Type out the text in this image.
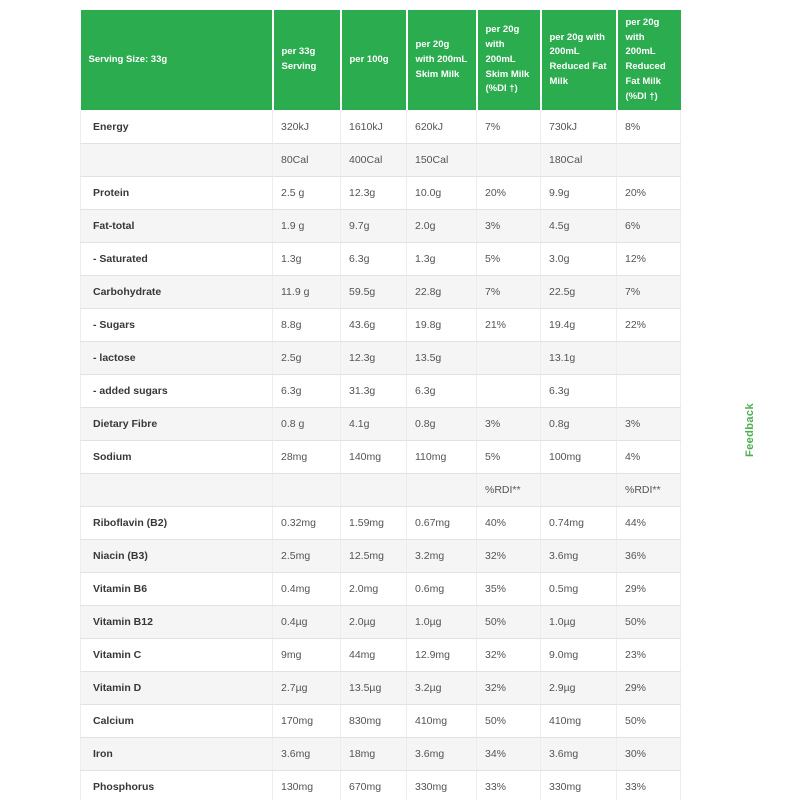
Serving Size: 33g	per 33g Serving	per 100g	per 20g with 200mL Skim Milk	per 20g with 200mL Skim Milk (%DI †)	per 20g with 200mL Reduced Fat Milk	per 20g with 200mL Reduced Fat Milk (%DI †)
Energy	320kJ	1610kJ	620kJ	7%	730kJ	8%
	80Cal	400Cal	150Cal		180Cal	
Protein	2.5 g	12.3g	10.0g	20%	9.9g	20%
Fat-total	1.9 g	9.7g	2.0g	3%	4.5g	6%
- Saturated	1.3g	6.3g	1.3g	5%	3.0g	12%
Carbohydrate	11.9 g	59.5g	22.8g	7%	22.5g	7%
- Sugars	8.8g	43.6g	19.8g	21%	19.4g	22%
- lactose	2.5g	12.3g	13.5g		13.1g	
- added sugars	6.3g	31.3g	6.3g		6.3g	
Dietary Fibre	0.8 g	4.1g	0.8g	3%	0.8g	3%
Sodium	28mg	140mg	110mg	5%	100mg	4%
				%RDI**		%RDI**
Riboflavin (B2)	0.32mg	1.59mg	0.67mg	40%	0.74mg	44%
Niacin (B3)	2.5mg	12.5mg	3.2mg	32%	3.6mg	36%
Vitamin B6	0.4mg	2.0mg	0.6mg	35%	0.5mg	29%
Vitamin B12	0.4µg	2.0µg	1.0µg	50%	1.0µg	50%
Vitamin C	9mg	44mg	12.9mg	32%	9.0mg	23%
Vitamin D	2.7µg	13.5µg	3.2µg	32%	2.9µg	29%
Calcium	170mg	830mg	410mg	50%	410mg	50%
Iron	3.6mg	18mg	3.6mg	34%	3.6mg	30%
Phosphorus	130mg	670mg	330mg	33%	330mg	33%

Feedback
